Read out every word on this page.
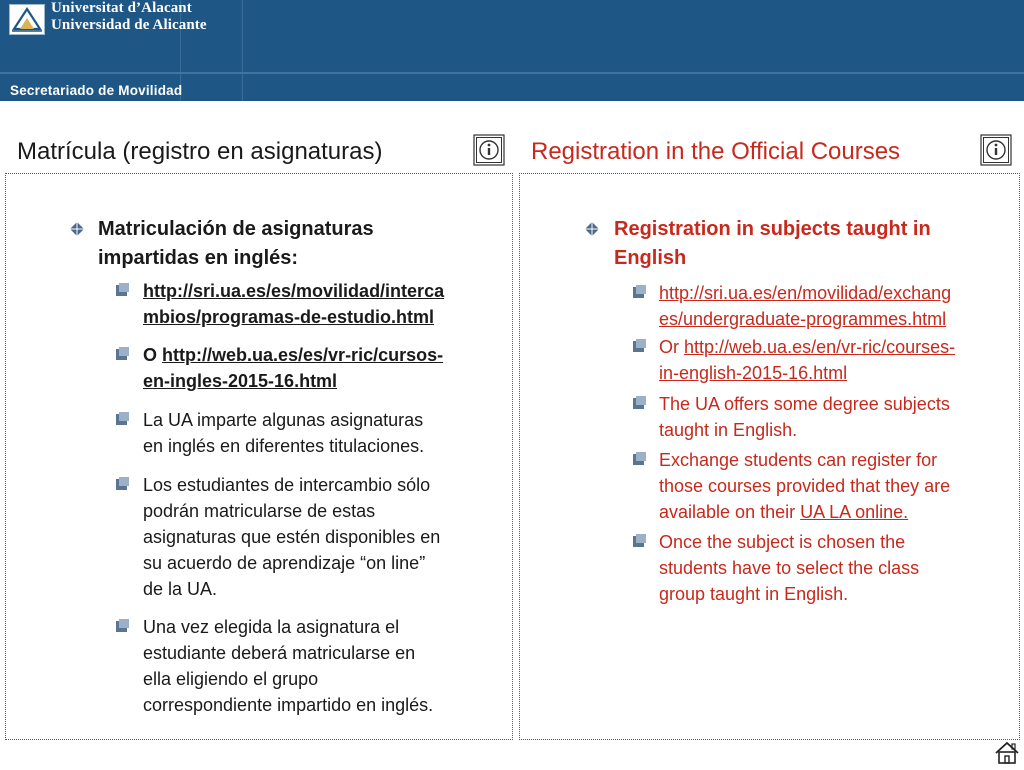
Universitat d’Alacant
Universidad de Alicante
Secretariado de Movilidad
Matrícula (registro en asignaturas)	Registration in the Official Courses
Matriculación de asignaturas
impartidas en inglés:
http://sri.ua.es/es/movilidad/interca
mbios/programas-de-estudio.html
O http://web.ua.es/es/vr-ric/cursos-
en-ingles-2015-16.html
La UA imparte algunas asignaturas
en inglés en diferentes titulaciones.
Los estudiantes de intercambio sólo
podrán matricularse de estas
asignaturas que estén disponibles en
su acuerdo de aprendizaje “on line”
de la UA.
Una vez elegida la asignatura el
estudiante deberá matricularse en
ella eligiendo el grupo
correspondiente impartido en inglés.
Registration in subjects taught in
English
http://sri.ua.es/en/movilidad/exchang
es/undergraduate-programmes.html
Or http://web.ua.es/en/vr-ric/courses-
in-english-2015-16.html
The UA offers some degree subjects
taught in English.
Exchange students can register for
those courses provided that they are
available on their UA LA online.
Once the subject is chosen the
students have to select the class
group taught in English.
